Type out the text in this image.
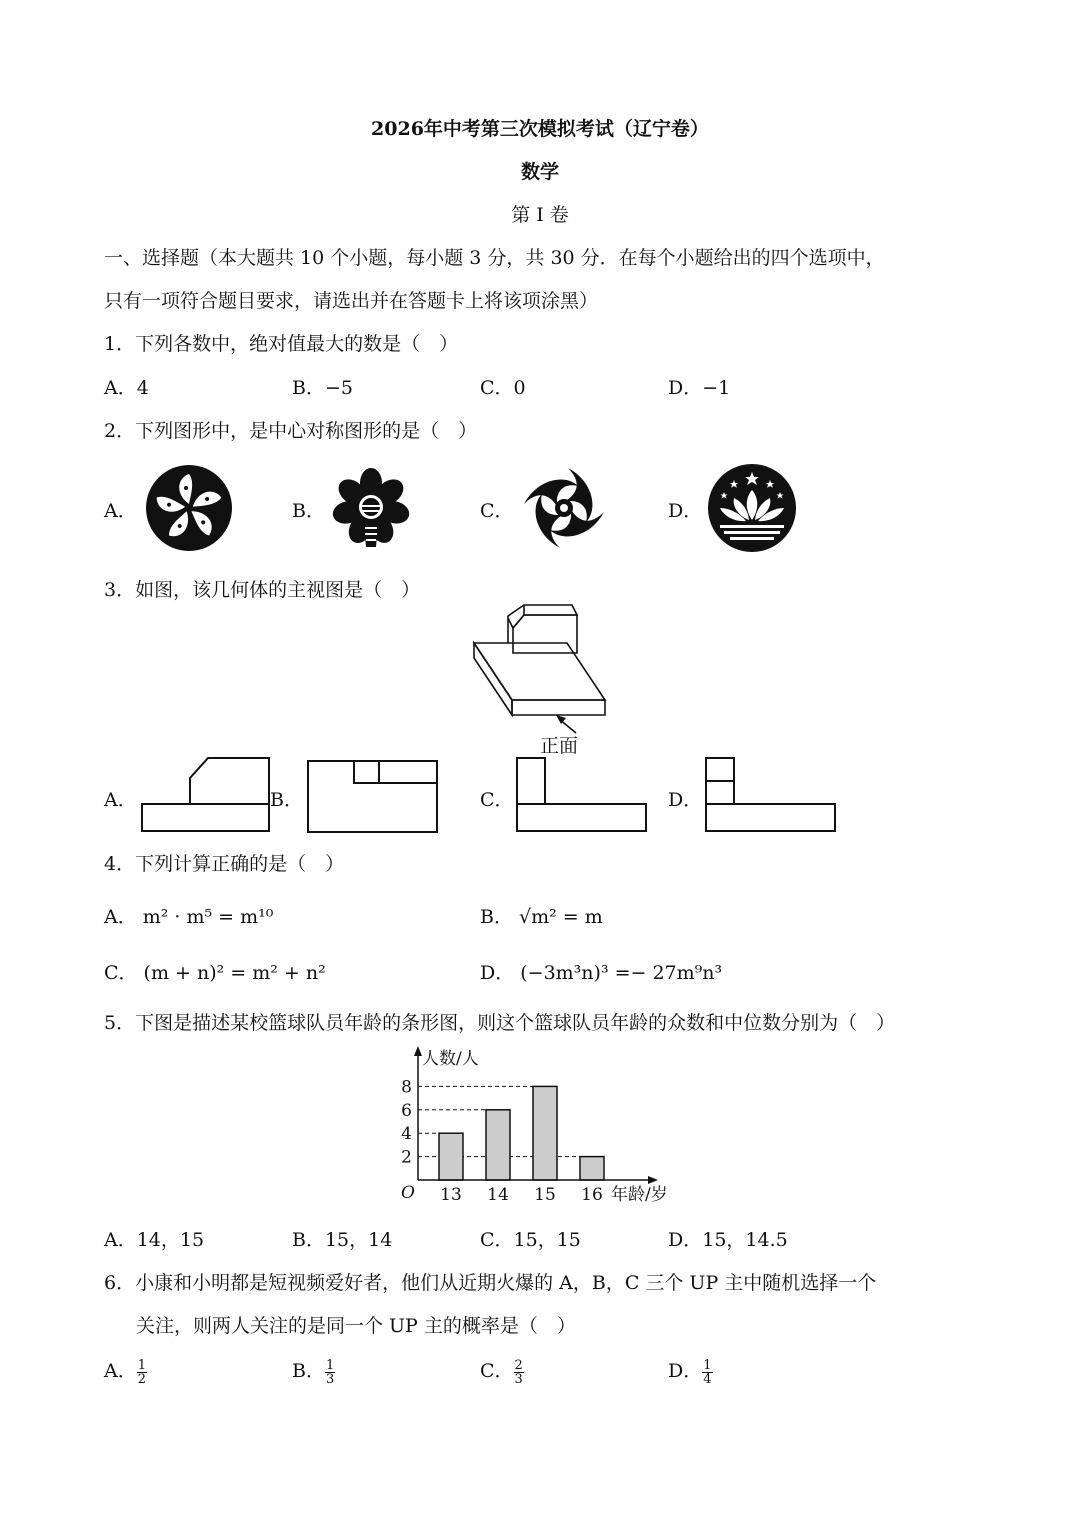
2026年中考第三次模拟考试（辽宁卷）
数学
第 I 卷
一、选择题（本大题共 10 个小题，每小题 3 分，共 30 分．在每个小题给出的四个选项中，
只有一项符合题目要求，请选出并在答题卡上将该项涂黑）
1．下列各数中，绝对值最大的数是（　）
A．4	B．−5	C．0	D．−1
2．下列图形中，是中心对称图形的是（　）
A．	B．	C．	D．
3．如图，该几何体的主视图是（　）
正面
A．	B．	C．	D．
4．下列计算正确的是（　）
A． m² · m⁵ = m¹⁰	B． √m² = m
C． (m + n)² = m² + n²	D． (−3m³n)³ =− 27m⁹n³
5．下图是描述某校篮球队员年龄的条形图，则这个篮球队员年龄的众数和中位数分别为（　）
13 14 15 16
2
4
6
8
人数/人
年龄/岁
O
A．14，15	B．15，14	C．15，15	D．15，14.5
6．小康和小明都是短视频爱好者，他们从近期火爆的 A，B，C 三个 UP 主中随机选择一个
关注，则两人关注的是同一个 UP 主的概率是（　）
A． $\frac{1}{2}$	B． $\frac{1}{3}$	C． $\frac{2}{3}$	D． $\frac{1}{4}$
